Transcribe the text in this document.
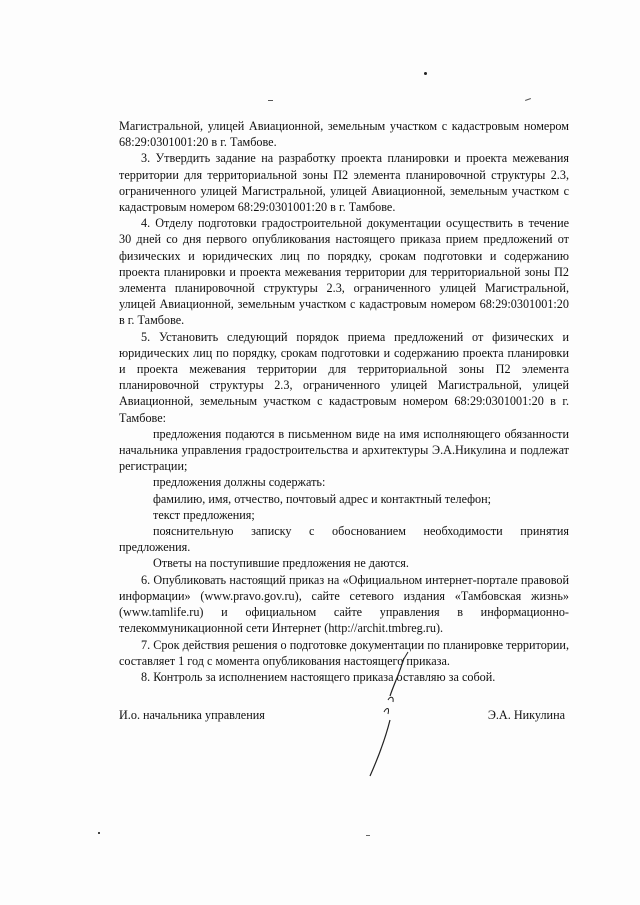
Магистральной, улицей Авиационной, земельным участком с кадастровым номером 68:29:0301001:20 в г. Тамбове.

3. Утвердить задание на разработку проекта планировки и проекта межевания территории для территориальной зоны П2 элемента планировочной структуры 2.3, ограниченного улицей Магистральной, улицей Авиационной, земельным участком с кадастровым номером 68:29:0301001:20 в г. Тамбове.

4. Отделу подготовки градостроительной документации осуществить в течение 30 дней со дня первого опубликования настоящего приказа прием предложений от физических и юридических лиц по порядку, срокам подготовки и содержанию проекта планировки и проекта межевания территории для территориальной зоны П2 элемента планировочной структуры 2.3, ограниченного улицей Магистральной, улицей Авиационной, земельным участком с кадастровым номером 68:29:0301001:20 в г. Тамбове.

5. Установить следующий порядок приема предложений от физических и юридических лиц по порядку, срокам подготовки и содержанию проекта планировки и проекта межевания территории для территориальной зоны П2 элемента планировочной структуры 2.3, ограниченного улицей Магистральной, улицей Авиационной, земельным участком с кадастровым номером 68:29:0301001:20 в г. Тамбове:

предложения подаются в письменном виде на имя исполняющего обязанности начальника управления градостроительства и архитектуры Э.А.Никулина и подлежат регистрации;

предложения должны содержать:

фамилию, имя, отчество, почтовый адрес и контактный телефон;

текст предложения;

пояснительную записку с обоснованием необходимости принятия предложения.

Ответы на поступившие предложения не даются.

6. Опубликовать настоящий приказ на «Официальном интернет-портале правовой информации» (www.pravo.gov.ru), сайте сетевого издания «Тамбовская жизнь» (www.tamlife.ru) и официальном сайте управления в информационно-телекоммуникационной сети Интернет (http://archit.tmbreg.ru).

7. Срок действия решения о подготовке документации по планировке территории, составляет 1 год с момента опубликования настоящего приказа.

8. Контроль за исполнением настоящего приказа оставляю за собой.

И.о. начальника управления	Э.А. Никулина
